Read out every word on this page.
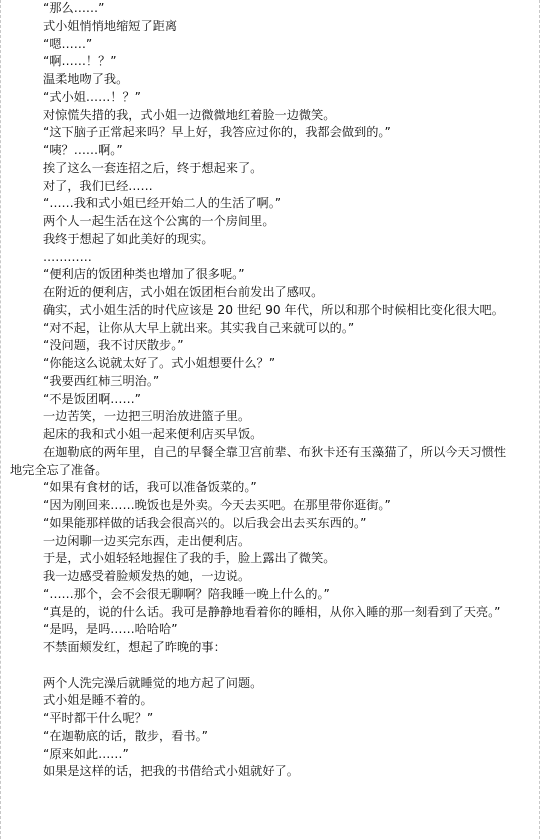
“那么……”
式小姐悄悄地缩短了距离
“嗯……”
“啊……！？”
温柔地吻了我。
“式小姐……！？”
对惊慌失措的我，式小姐一边微微地红着脸一边微笑。
“这下脑子正常起来吗？早上好，我答应过你的，我都会做到的。”
“咦？……啊。”
挨了这么一套连招之后，终于想起来了。
对了，我们已经……
“……我和式小姐已经开始二人的生活了啊。”
两个人一起生活在这个公寓的一个房间里。
我终于想起了如此美好的现实。
…………
“便利店的饭团种类也增加了很多呢。”
在附近的便利店，式小姐在饭团柜台前发出了感叹。
确实，式小姐生活的时代应该是 20 世纪 90 年代，所以和那个时候相比变化很大吧。
“对不起，让你从大早上就出来。其实我自己来就可以的。”
“没问题，我不讨厌散步。”
“你能这么说就太好了。式小姐想要什么？”
“我要西红柿三明治。”
“不是饭团啊……”
一边苦笑，一边把三明治放进篮子里。
起床的我和式小姐一起来便利店买早饭。
在迦勒底的两年里，自己的早餐全靠卫宫前辈、布狄卡还有玉藻猫了，所以今天习惯性
地完全忘了准备。
“如果有食材的话，我可以准备饭菜的。”
“因为刚回来……晚饭也是外卖。今天去买吧。在那里带你逛街。”
“如果能那样做的话我会很高兴的。以后我会出去买东西的。”
一边闲聊一边买完东西，走出便利店。
于是，式小姐轻轻地握住了我的手，脸上露出了微笑。
我一边感受着脸颊发热的她，一边说。
“……那个，会不会很无聊啊？陪我睡一晚上什么的。”
“真是的，说的什么话。我可是静静地看着你的睡相，从你入睡的那一刻看到了天亮。”
“是吗，是吗……哈哈哈”
不禁面颊发红，想起了昨晚的事：
两个人洗完澡后就睡觉的地方起了问题。
式小姐是睡不着的。
“平时都干什么呢？”
“在迦勒底的话，散步，看书。”
“原来如此……”
如果是这样的话，把我的书借给式小姐就好了。
